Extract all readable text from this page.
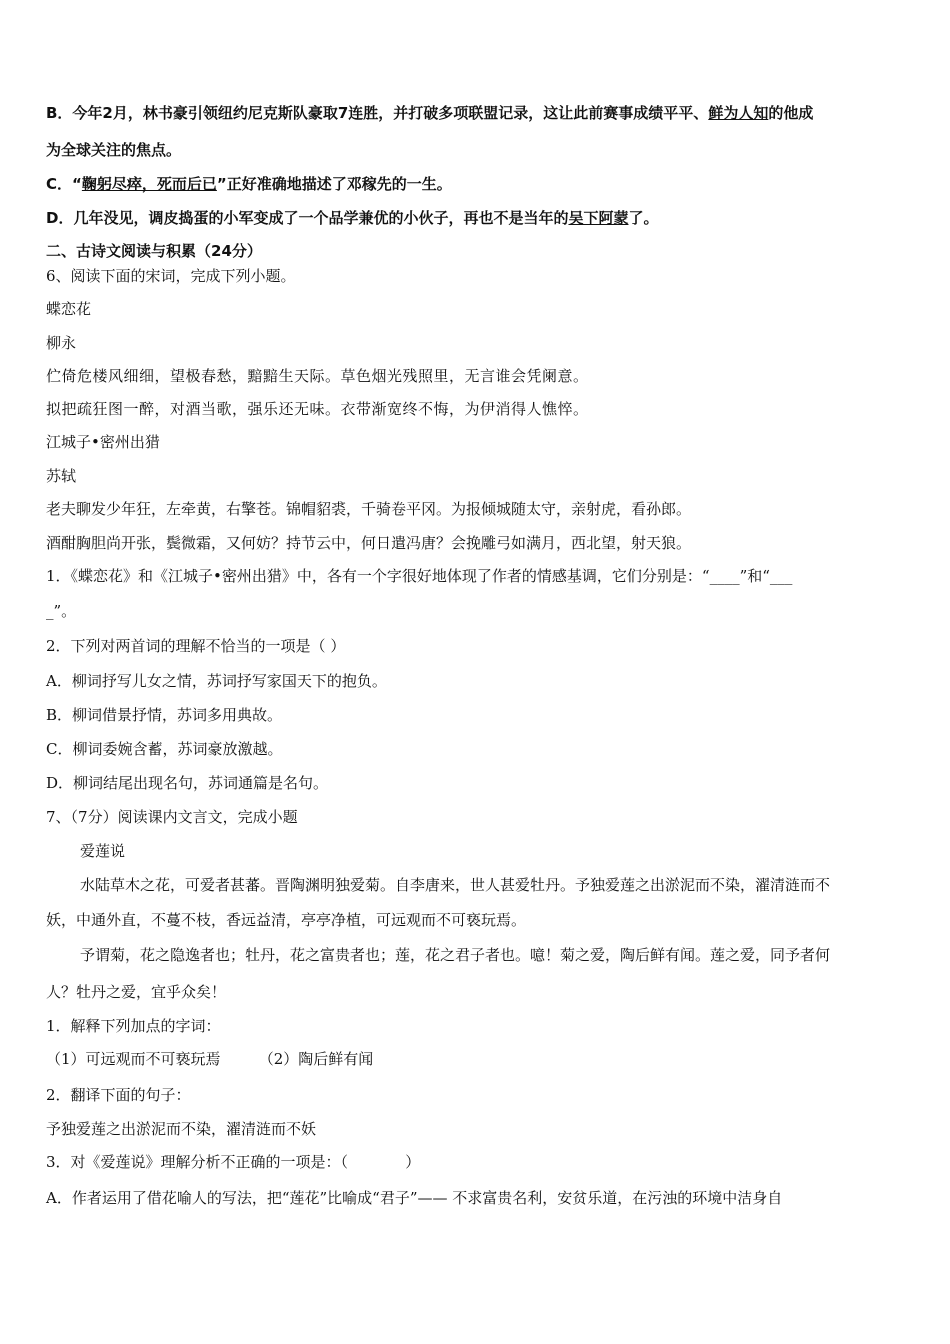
B．今年2月，林书豪引领纽约尼克斯队豪取7连胜，并打破多项联盟记录，这让此前赛事成绩平平、鲜为人知的他成
为全球关注的焦点。
C．“鞠躬尽瘁，死而后已”正好准确地描述了邓稼先的一生。
D．几年没见，调皮捣蛋的小军变成了一个品学兼优的小伙子，再也不是当年的吴下阿蒙了。
二、古诗文阅读与积累（24分）
6、阅读下面的宋词，完成下列小题。
蝶恋花
柳永
伫倚危楼风细细，望极春愁，黯黯生天际。草色烟光残照里，无言谁会凭阑意。
拟把疏狂图一醉，对酒当歌，强乐还无味。衣带渐宽终不悔，为伊消得人憔悴。
江城子•密州出猎
苏轼
老夫聊发少年狂，左牵黄，右擎苍。锦帽貂裘，千骑卷平冈。为报倾城随太守，亲射虎，看孙郎。
酒酣胸胆尚开张，鬓微霜，又何妨？持节云中，何日遣冯唐？会挽雕弓如满月，西北望，射天狼。
1．《蝶恋花》和《江城子•密州出猎》中，各有一个字很好地体现了作者的情感基调，它们分别是：“____”和“___
_”。
2．下列对两首词的理解不恰当的一项是（ ）
A．柳词抒写儿女之情，苏词抒写家国天下的抱负。
B．柳词借景抒情，苏词多用典故。
C．柳词委婉含蓄，苏词豪放激越。
D．柳词结尾出现名句，苏词通篇是名句。
7、（7分）阅读课内文言文，完成小题
爱莲说
水陆草木之花，可爱者甚蕃。晋陶渊明独爱菊。自李唐来，世人甚爱牡丹。予独爱莲之出淤泥而不染，濯清涟而不
妖，中通外直，不蔓不枝，香远益清，亭亭净植，可远观而不可亵玩焉。
予谓菊，花之隐逸者也；牡丹，花之富贵者也；莲，花之君子者也。噫！菊之爱，陶后鲜有闻。莲之爱，同予者何
人？牡丹之爱，宜乎众矣！
1．解释下列加点的字词：
（1）可远观而不可亵玩焉        （2）陶后鲜有闻
2．翻译下面的句子：
予独爱莲之出淤泥而不染，濯清涟而不妖
3．对《爱莲说》理解分析不正确的一项是：（            ）
A．作者运用了借花喻人的写法，把“莲花”比喻成“君子”—— 不求富贵名利，安贫乐道，在污浊的环境中洁身自
